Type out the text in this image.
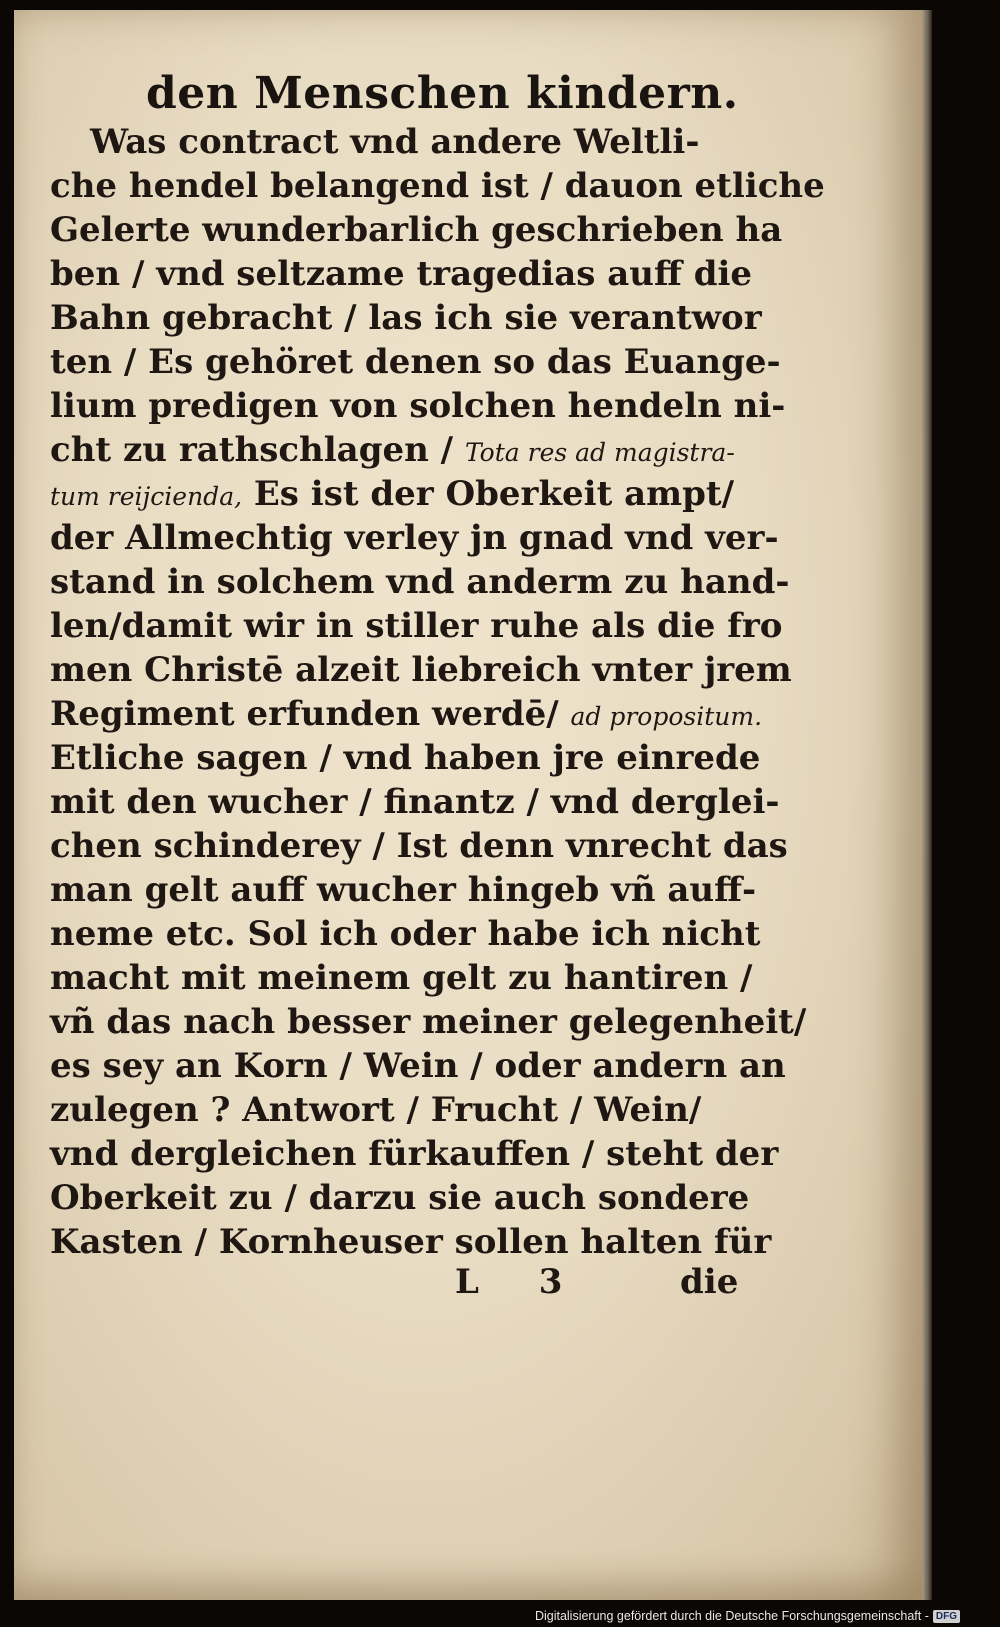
den Menschen kindern.
Was contract vnd andere Weltli-
che hendel belangend ist / dauon etliche
Gelerte wunderbarlich geschrieben ha
ben / vnd seltzame tragedias auff die
Bahn gebracht / las ich sie verantwor
ten / Es gehöret denen so das Euange-
lium predigen von solchen hendeln ni-
cht zu rathschlagen / Tota res ad magistra-
tum reijcienda, Es ist der Oberkeit ampt/
der Allmechtig verley jn gnad vnd ver-
stand in solchem vnd anderm zu hand-
len/damit wir in stiller ruhe als die fro
men Christē alzeit liebreich vnter jrem
Regiment erfunden werdē/ ad propositum.
Etliche sagen / vnd haben jre einrede
mit den wucher / finantz / vnd derglei-
chen schinderey / Ist denn vnrecht das
man gelt auff wucher hingeb vñ auff-
neme etc. Sol ich oder habe ich nicht
macht mit meinem gelt zu hantiren /
vñ das nach besser meiner gelegenheit/
es sey an Korn / Wein / oder andern an
zulegen ? Antwort / Frucht / Wein/
vnd dergleichen fürkauffen / steht der
Oberkeit zu / darzu sie auch sondere
Kasten / Kornheuser sollen halten für
L 3	die
Digitalisierung gefördert durch die Deutsche Forschungsgemeinschaft - DFG
